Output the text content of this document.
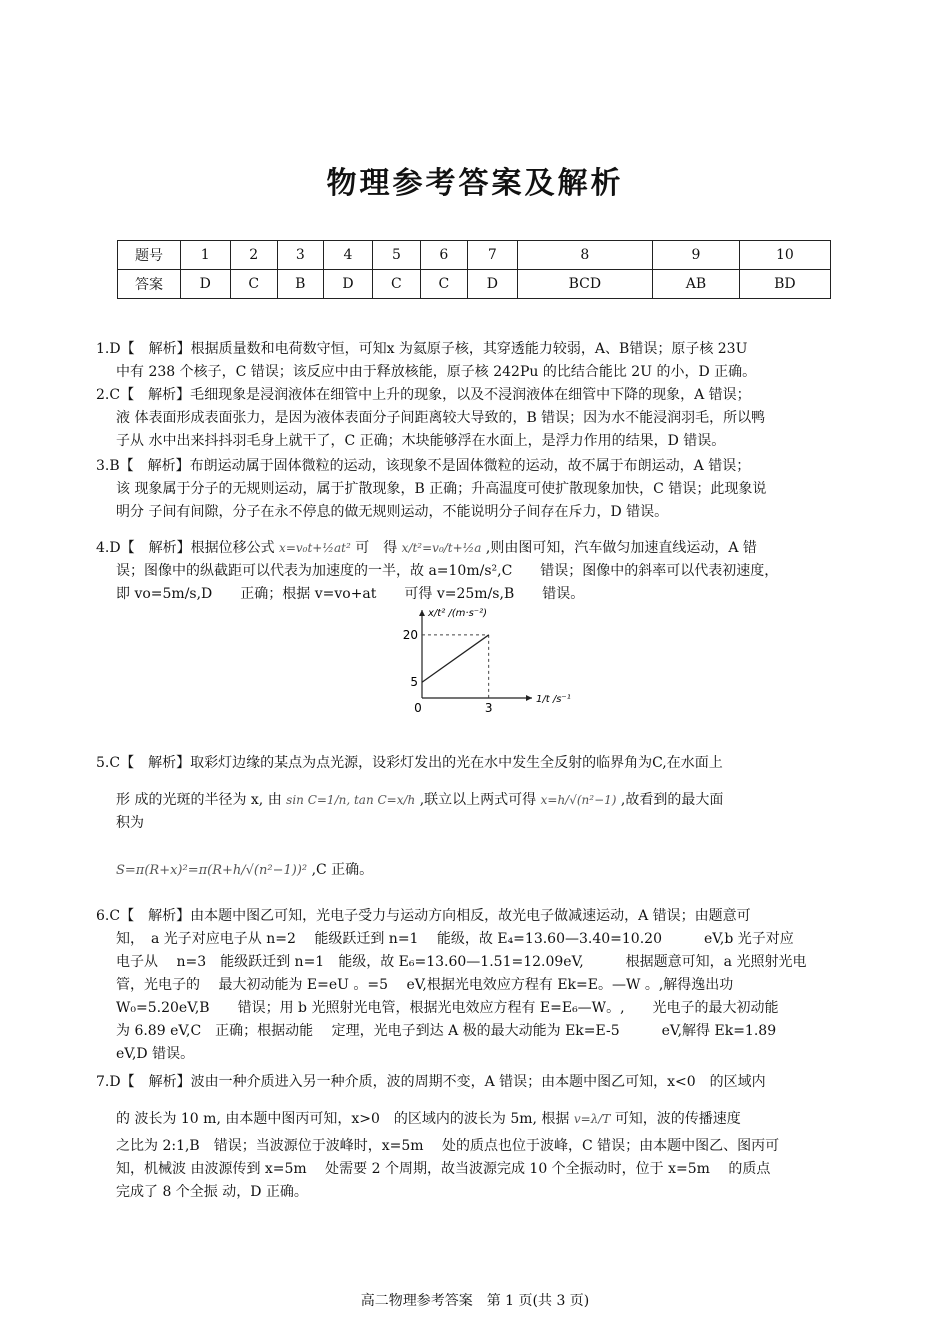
物理参考答案及解析
题号	1	2	3	4	5	6	7	8	9	10
答案	D	C	B	D	C	C	D	BCD	AB	BD

1.D【　解析】根据质量数和电荷数守恒，可知x 为氦原子核，其穿透能力较弱，A、B错误；原子核 23U

中有 238 个核子，C 错误；该反应中由于释放核能，原子核 242Pu 的比结合能比 2U 的小，D 正确。

2.C【　解析】毛细现象是浸润液体在细管中上升的现象，以及不浸润液体在细管中下降的现象，A 错误；

液 体表面形成表面张力，是因为液体表面分子间距离较大导致的，B 错误；因为水不能浸润羽毛，所以鸭

子从 水中出来抖抖羽毛身上就干了，C 正确；木块能够浮在水面上，是浮力作用的结果，D 错误。

3.B【　解析】布朗运动属于固体微粒的运动，该现象不是固体微粒的运动，故不属于布朗运动，A 错误；

该 现象属于分子的无规则运动，属于扩散现象，B 正确；升高温度可使扩散现象加快，C 错误；此现象说

明分 子间有间隙，分子在永不停息的做无规则运动，不能说明分子间存在斥力，D 错误。

4.D【　解析】根据位移公式 x=v₀t+½at² 可　得 x/t²=v₀/t+½a ,则由图可知，汽车做匀加速直线运动，A 错

误；图像中的纵截距可以代表为加速度的一半，故 a=10m/s²,C　　错误；图像中的斜率可以代表初速度，

即 vo=5m/s,D　　正确；根据 v=vo+at　　可得 v=25m/s,B　　错误。

5
20
0	3
x/t² /(m·s⁻²)
1/t /s⁻¹

5.C【　解析】取彩灯边缘的某点为点光源，设彩灯发出的光在水中发生全反射的临界角为C,在水面上

形 成的光斑的半径为 x, 由 sin C=1/n, tan C=x/h ,联立以上两式可得 x=h/√(n²−1) ,故看到的最大面

积为

S=π(R+x)²=π(R+h/√(n²−1))² ,C 正确。

6.C【　解析】由本题中图乙可知，光电子受力与运动方向相反，故光电子做减速运动，A 错误；由题意可

知，　a 光子对应电子从 n=2　 能级跃迁到 n=1　 能级，故 E₄=13.60—3.40=10.20　　　eV,b 光子对应

电子从　 n=3　能级跃迁到 n=1　能级，故 E₆=13.60—1.51=12.09eV,　　　根据题意可知，a 光照射光电

管，光电子的　 最大初动能为 E=eU 。=5　 eV,根据光电效应方程有 Ek=E。—W 。,解得逸出功

W₀=5.20eV,B　　错误；用 b 光照射光电管，根据光电效应方程有 E=E₆—W。,　　光电子的最大初动能

为 6.89 eV,C　正确；根据动能　 定理，光电子到达 A 极的最大动能为 Ek=E-5　　　eV,解得 Ek=1.89

eV,D 错误。

7.D【　解析】波由一种介质进入另一种介质，波的周期不变，A 错误；由本题中图乙可知，x<0　的区域内

的 波长为 10 m, 由本题中图丙可知，x>0　的区域内的波长为 5m, 根据 v=λ/T 可知，波的传播速度

之比为 2:1,B　错误；当波源位于波峰时，x=5m　 处的质点也位于波峰，C 错误；由本题中图乙、图丙可

知，机械波 由波源传到 x=5m　 处需要 2 个周期，故当波源完成 10 个全振动时，位于 x=5m　 的质点

完成了 8 个全振 动，D 正确。

高二物理参考答案　第 1 页(共 3 页)
